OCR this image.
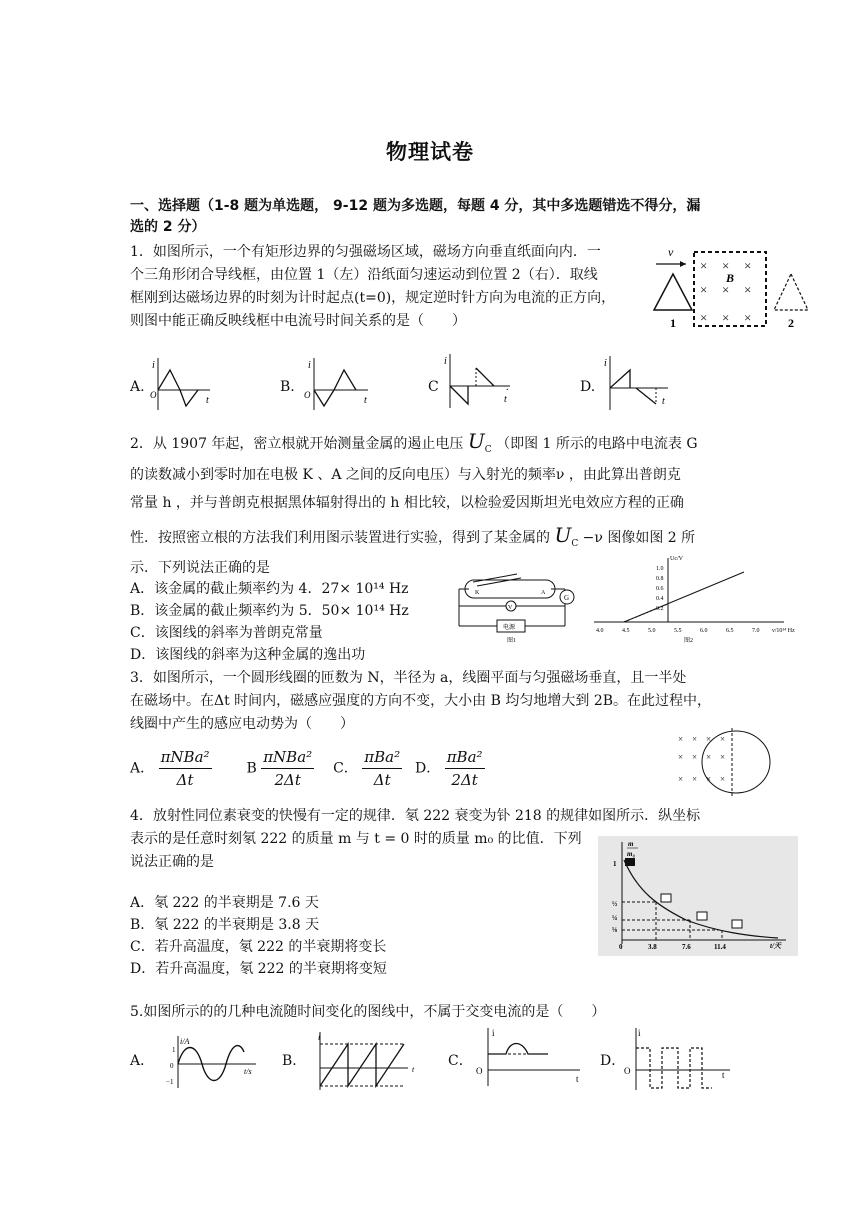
物理试卷
一、选择题（1-8 题为单选题， 9-12 题为多选题，每题 4 分，其中多选题错选不得分，漏
选的 2 分）
1．如图所示，一个有矩形边界的匀强磁场区域，磁场方向垂直纸面向内．一
个三角形闭合导线框，由位置 1（左）沿纸面匀速运动到位置 2（右）．取线
框刚到达磁场边界的时刻为计时起点(t=0)，规定逆时针方向为电流的正方向，
则图中能正确反映线框中电流号时间关系的是（　　）
v
× × ×
× × ×
× × ×
B
1	2
A.
i
O	t
B.
i
O	t
C
i
t
.	D.
i
t
2．从 1907 年起，密立根就开始测量金属的遏止电压 $U_C$ （即图 1 所示的电路中电流表 G
的读数减小到零时加在电极 K 、A 之间的反向电压）与入射光的频率ν ，由此算出普朗克
常量 h ，并与普朗克根据黑体辐射得出的 h 相比较，以检验爱因斯坦光电效应方程的正确
性．按照密立根的方法我们利用图示装置进行实验，得到了某金属的 $U_C -\nu$ 图像如图 2 所
示．下列说法正确的是
A．该金属的截止频率约为 4．27× 10¹⁴ Hz
B．该金属的截止频率约为 5．50× 10¹⁴ Hz
C．该图线的斜率为普朗克常量
D．该图线的斜率为这种金属的逸出功
K	A
G
V
电源
图1
Uc/V
ν/10¹⁴ Hz
1.0
0.8
0.6
0.4
0.2
4.0	4.5	5.0	5.5	6.0	6.5	7.0
图2
3．如图所示，一个圆形线圈的匝数为 N，半径为 a，线圈平面与匀强磁场垂直，且一半处
在磁场中。在Δt 时间内，磁感应强度的方向不变，大小由 B 均匀地增大到 2B。在此过程中，
线圈中产生的感应电动势为（　　）
A． $\frac{\text{πNBa²}}{\Delta t}$ B $\frac{\text{πNBa²}}{2\Delta t}$ C． $\frac{\text{πBa²}}{\Delta t}$ D． $\frac{\text{πBa²}}{2\Delta t}$
× × × ×
× × × ×
× × × ×
4．放射性同位素衰变的快慢有一定的规律．氡 222 衰变为钋 218 的规律如图所示．纵坐标
表示的是任意时刻氡 222 的质量 m 与 t = 0 时的质量 m₀ 的比值．下列
说法正确的是
A．氡 222 的半衰期是 7.6 天
B．氡 222 的半衰期是 3.8 天
C．若升高温度，氡 222 的半衰期将变长
D．若升高温度，氡 222 的半衰期将变短
m
m₀
1
½
¼
⅛
0	3.8	7.6	11.4	t/天
5.如图所示的的几种电流随时间变化的图线中，不属于交变电流的是（　　）
A．
i/A
1
0
−1
t/s
B．
i
t
C．
i
O
t
D．
i
O	t
